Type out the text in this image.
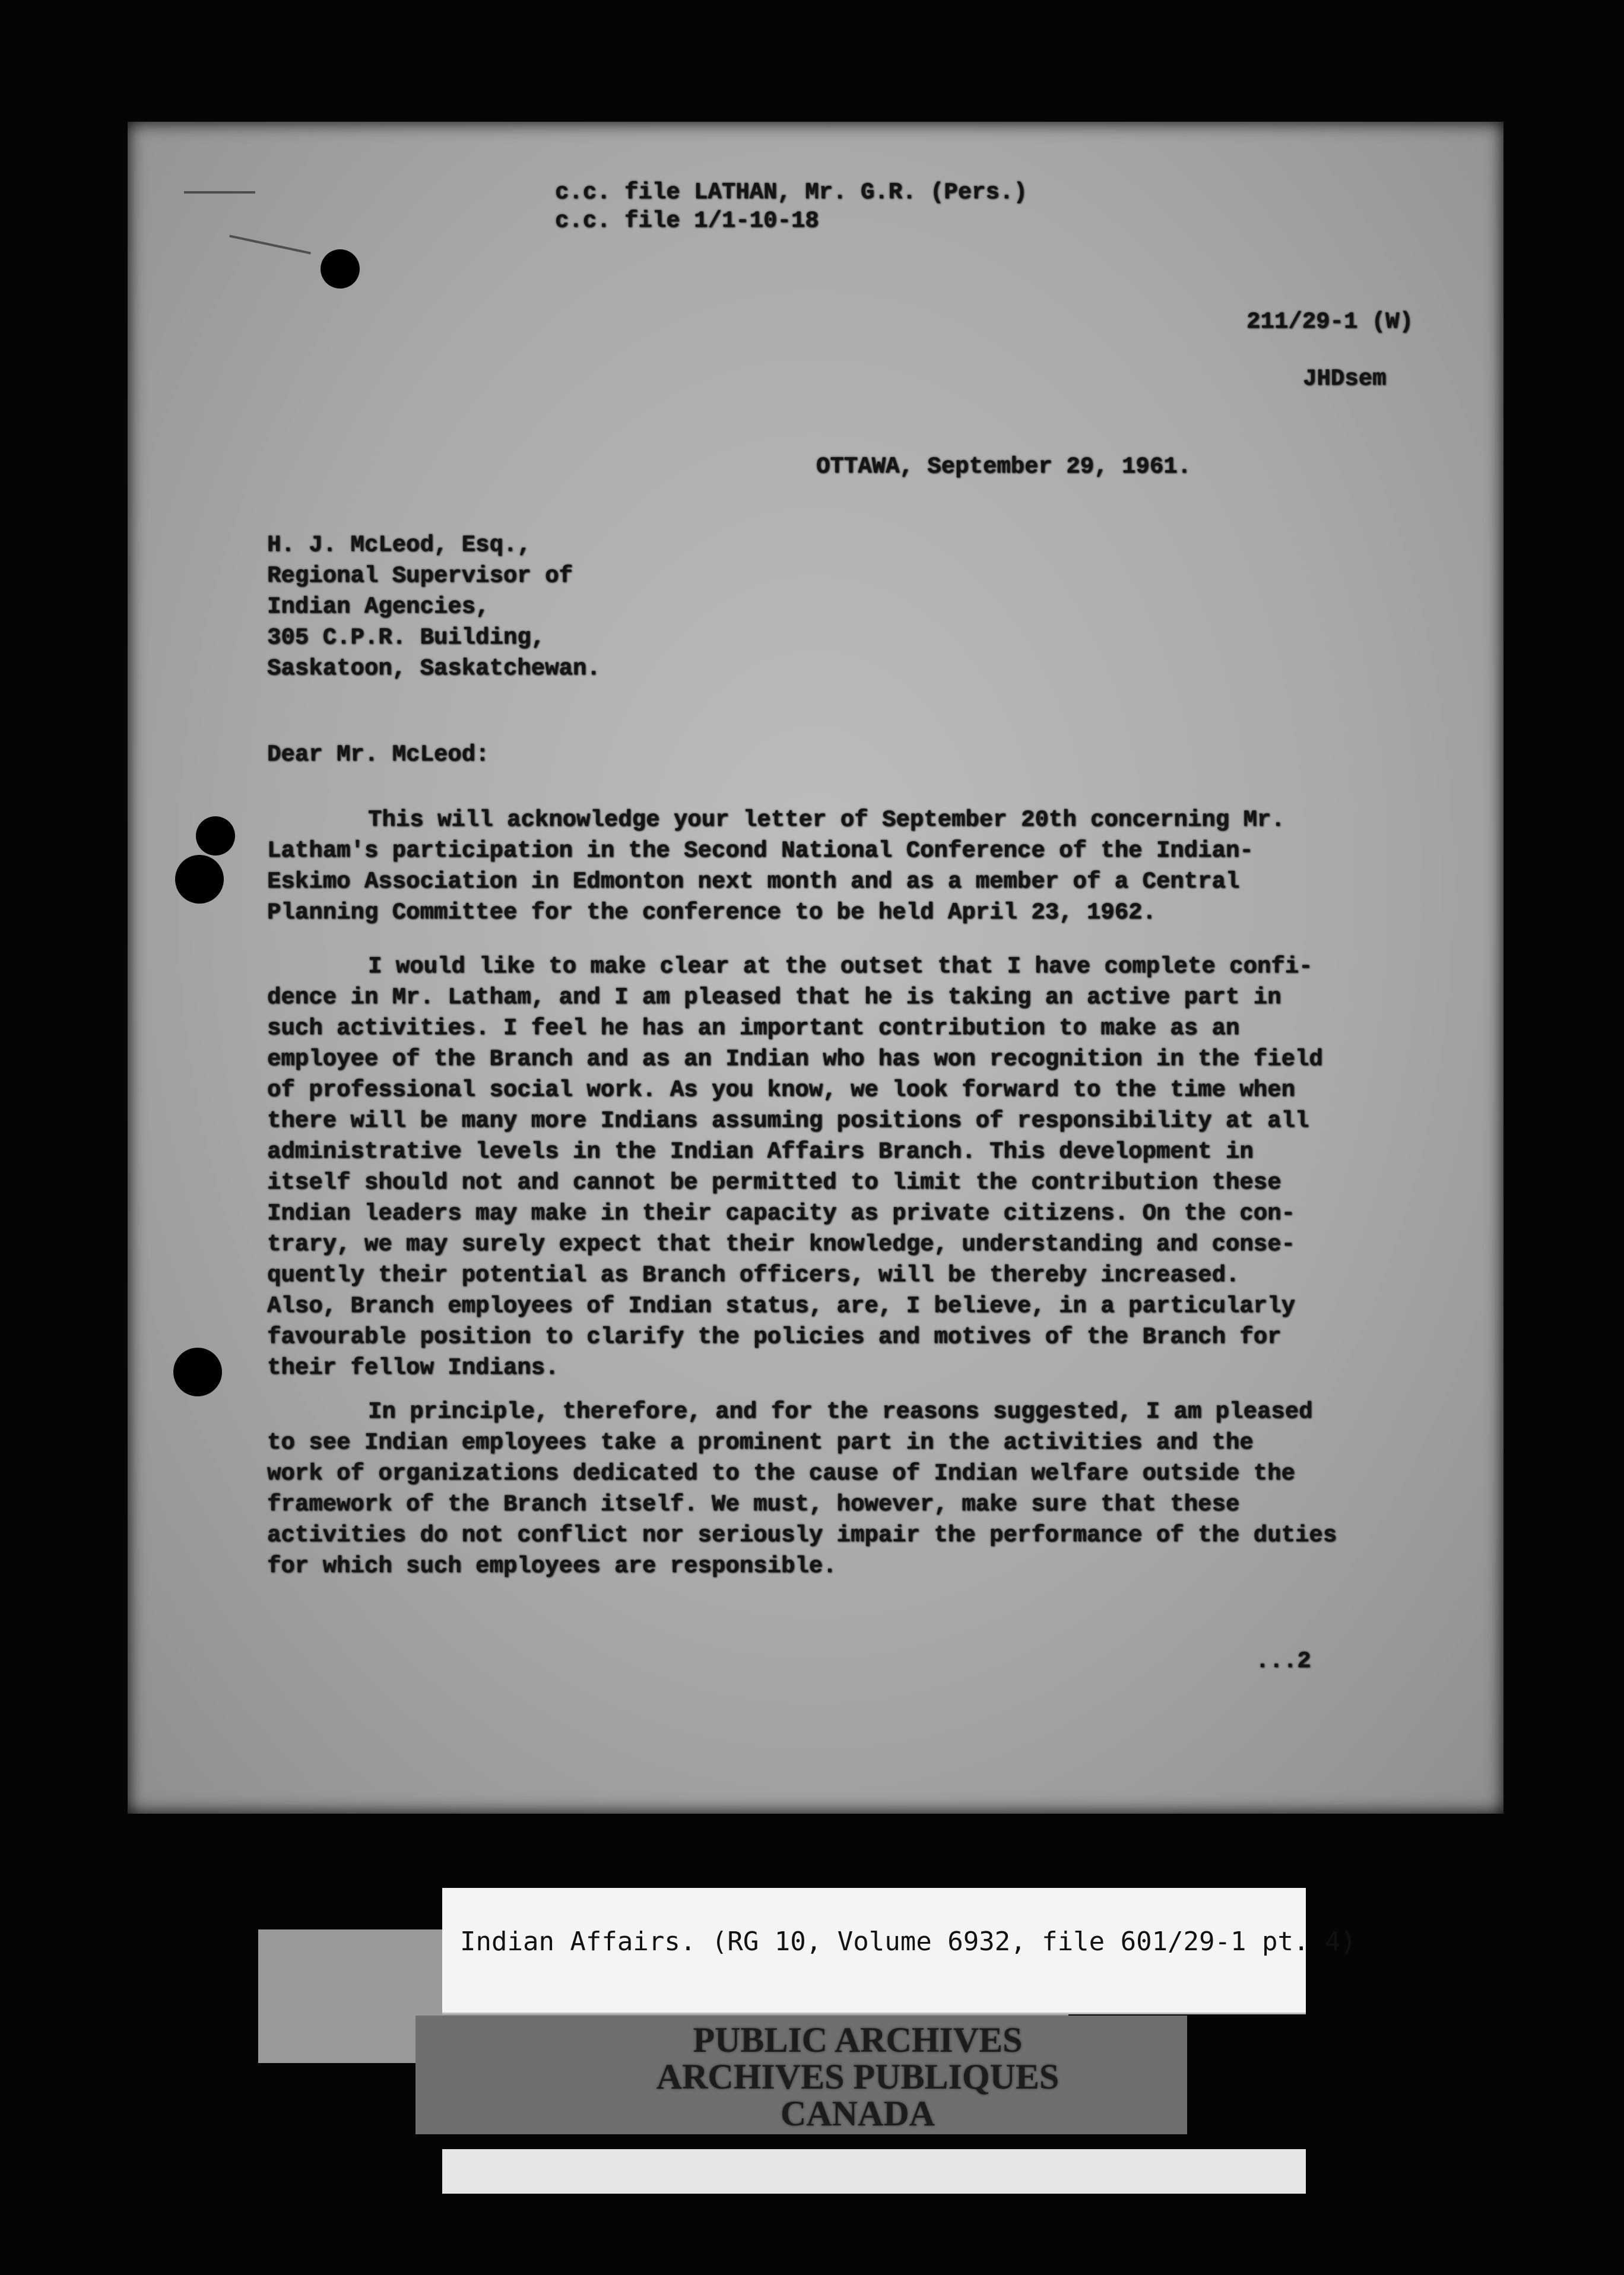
c.c. file LATHAN, Mr. G.R. (Pers.)
c.c. file 1/1-10-18
211/29-1 (W)
JHDsem
OTTAWA, September 29, 1961.
H. J. McLeod, Esq.,
Regional Supervisor of
Indian Agencies,
305 C.P.R. Building,
Saskatoon, Saskatchewan.
Dear Mr. McLeod:
This will acknowledge your letter of September 20th concerning Mr.
Latham's participation in the Second National Conference of the Indian-
Eskimo Association in Edmonton next month and as a member of a Central
Planning Committee for the conference to be held April 23, 1962.
I would like to make clear at the outset that I have complete confi-
dence in Mr. Latham, and I am pleased that he is taking an active part in
such activities. I feel he has an important contribution to make as an
employee of the Branch and as an Indian who has won recognition in the field
of professional social work. As you know, we look forward to the time when
there will be many more Indians assuming positions of responsibility at all
administrative levels in the Indian Affairs Branch. This development in
itself should not and cannot be permitted to limit the contribution these
Indian leaders may make in their capacity as private citizens. On the con-
trary, we may surely expect that their knowledge, understanding and conse-
quently their potential as Branch officers, will be thereby increased.
Also, Branch employees of Indian status, are, I believe, in a particularly
favourable position to clarify the policies and motives of the Branch for
their fellow Indians.
In principle, therefore, and for the reasons suggested, I am pleased
to see Indian employees take a prominent part in the activities and the
work of organizations dedicated to the cause of Indian welfare outside the
framework of the Branch itself. We must, however, make sure that these
activities do not conflict nor seriously impair the performance of the duties
for which such employees are responsible.
...2
Indian Affairs. (RG 10, Volume 6932, file 601/29-1 pt. 4)
PUBLIC ARCHIVES
ARCHIVES PUBLIQUES
CANADA
